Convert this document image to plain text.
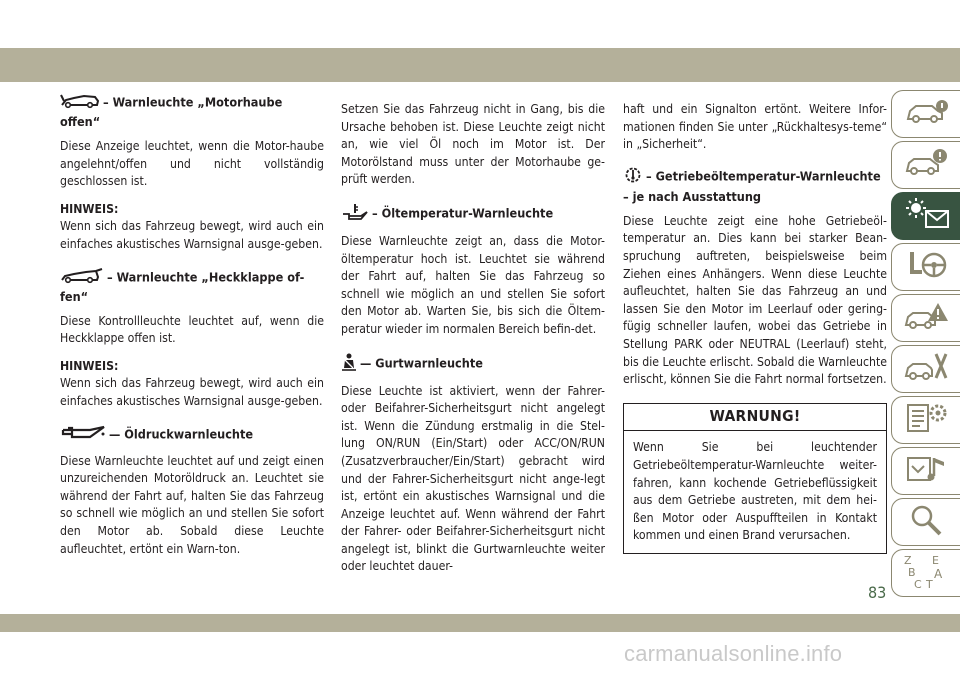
– Warnleuchte „Motorhaube offen“

Diese Anzeige leuchtet, wenn die Motor-haube angelehnt/offen und nicht vollständig geschlossen ist.

HINWEIS:

Wenn sich das Fahrzeug bewegt, wird auch ein einfaches akustisches Warnsignal ausge-geben.

– Warnleuchte „Heckklappe of-fen“

Diese Kontrollleuchte leuchtet auf, wenn die Heckklappe offen ist.

HINWEIS:

Wenn sich das Fahrzeug bewegt, wird auch ein einfaches akustisches Warnsignal ausge-geben.

— Öldruckwarnleuchte

Diese Warnleuchte leuchtet auf und zeigt einen unzureichenden Motoröldruck an. Leuchtet sie während der Fahrt auf, halten Sie das Fahrzeug so schnell wie möglich an und stellen Sie sofort den Motor ab. Sobald diese Leuchte aufleuchtet, ertönt ein Warn-ton.

Setzen Sie das Fahrzeug nicht in Gang, bis die Ursache behoben ist. Diese Leuchte zeigt nicht an, wie viel Öl noch im Motor ist. Der Motorölstand muss unter der Motorhaube ge-prüft werden.

– Öltemperatur-Warnleuchte

Diese Warnleuchte zeigt an, dass die Motor-öltemperatur hoch ist. Leuchtet sie während der Fahrt auf, halten Sie das Fahrzeug so schnell wie möglich an und stellen Sie sofort den Motor ab. Warten Sie, bis sich die Öltem-peratur wieder im normalen Bereich befin-det.

— Gurtwarnleuchte

Diese Leuchte ist aktiviert, wenn der Fahrer- oder Beifahrer-Sicherheitsgurt nicht angelegt ist. Wenn die Zündung erstmalig in die Stel-lung ON/RUN (Ein/Start) oder ACC/ON/RUN (Zusatzverbraucher/Ein/Start) gebracht wird und der Fahrer-Sicherheitsgurt nicht ange-legt ist, ertönt ein akustisches Warnsignal und die Anzeige leuchtet auf. Wenn während der Fahrt der Fahrer- oder Beifahrer-Sicherheitsgurt nicht angelegt ist, blinkt die Gurtwarnleuchte weiter oder leuchtet dauer-

haft und ein Signalton ertönt. Weitere Infor-mationen finden Sie unter „Rückhaltesys-teme“ in „Sicherheit“.

– Getriebeöltemperatur-Warnleuchte – je nach Ausstattung

Diese Leuchte zeigt eine hohe Getriebeöl-temperatur an. Dies kann bei starker Bean-spruchung auftreten, beispielsweise beim Ziehen eines Anhängers. Wenn diese Leuchte aufleuchtet, halten Sie das Fahrzeug an und lassen Sie den Motor im Leerlauf oder gering-fügig schneller laufen, wobei das Getriebe in Stellung PARK oder NEUTRAL (Leerlauf) steht, bis die Leuchte erlischt. Sobald die Warnleuchte erlischt, können Sie die Fahrt normal fortsetzen.

WARNUNG!
Wenn Sie bei leuchtender Getriebeöltemperatur-Warnleuchte weiter-fahren, kann kochende Getriebeflüssigkeit aus dem Getriebe austreten, mit dem hei-ßen Motor oder Auspuffteilen in Kontakt kommen und einen Brand verursachen.
Z E
B A
C T
83
carmanualsonline.info
